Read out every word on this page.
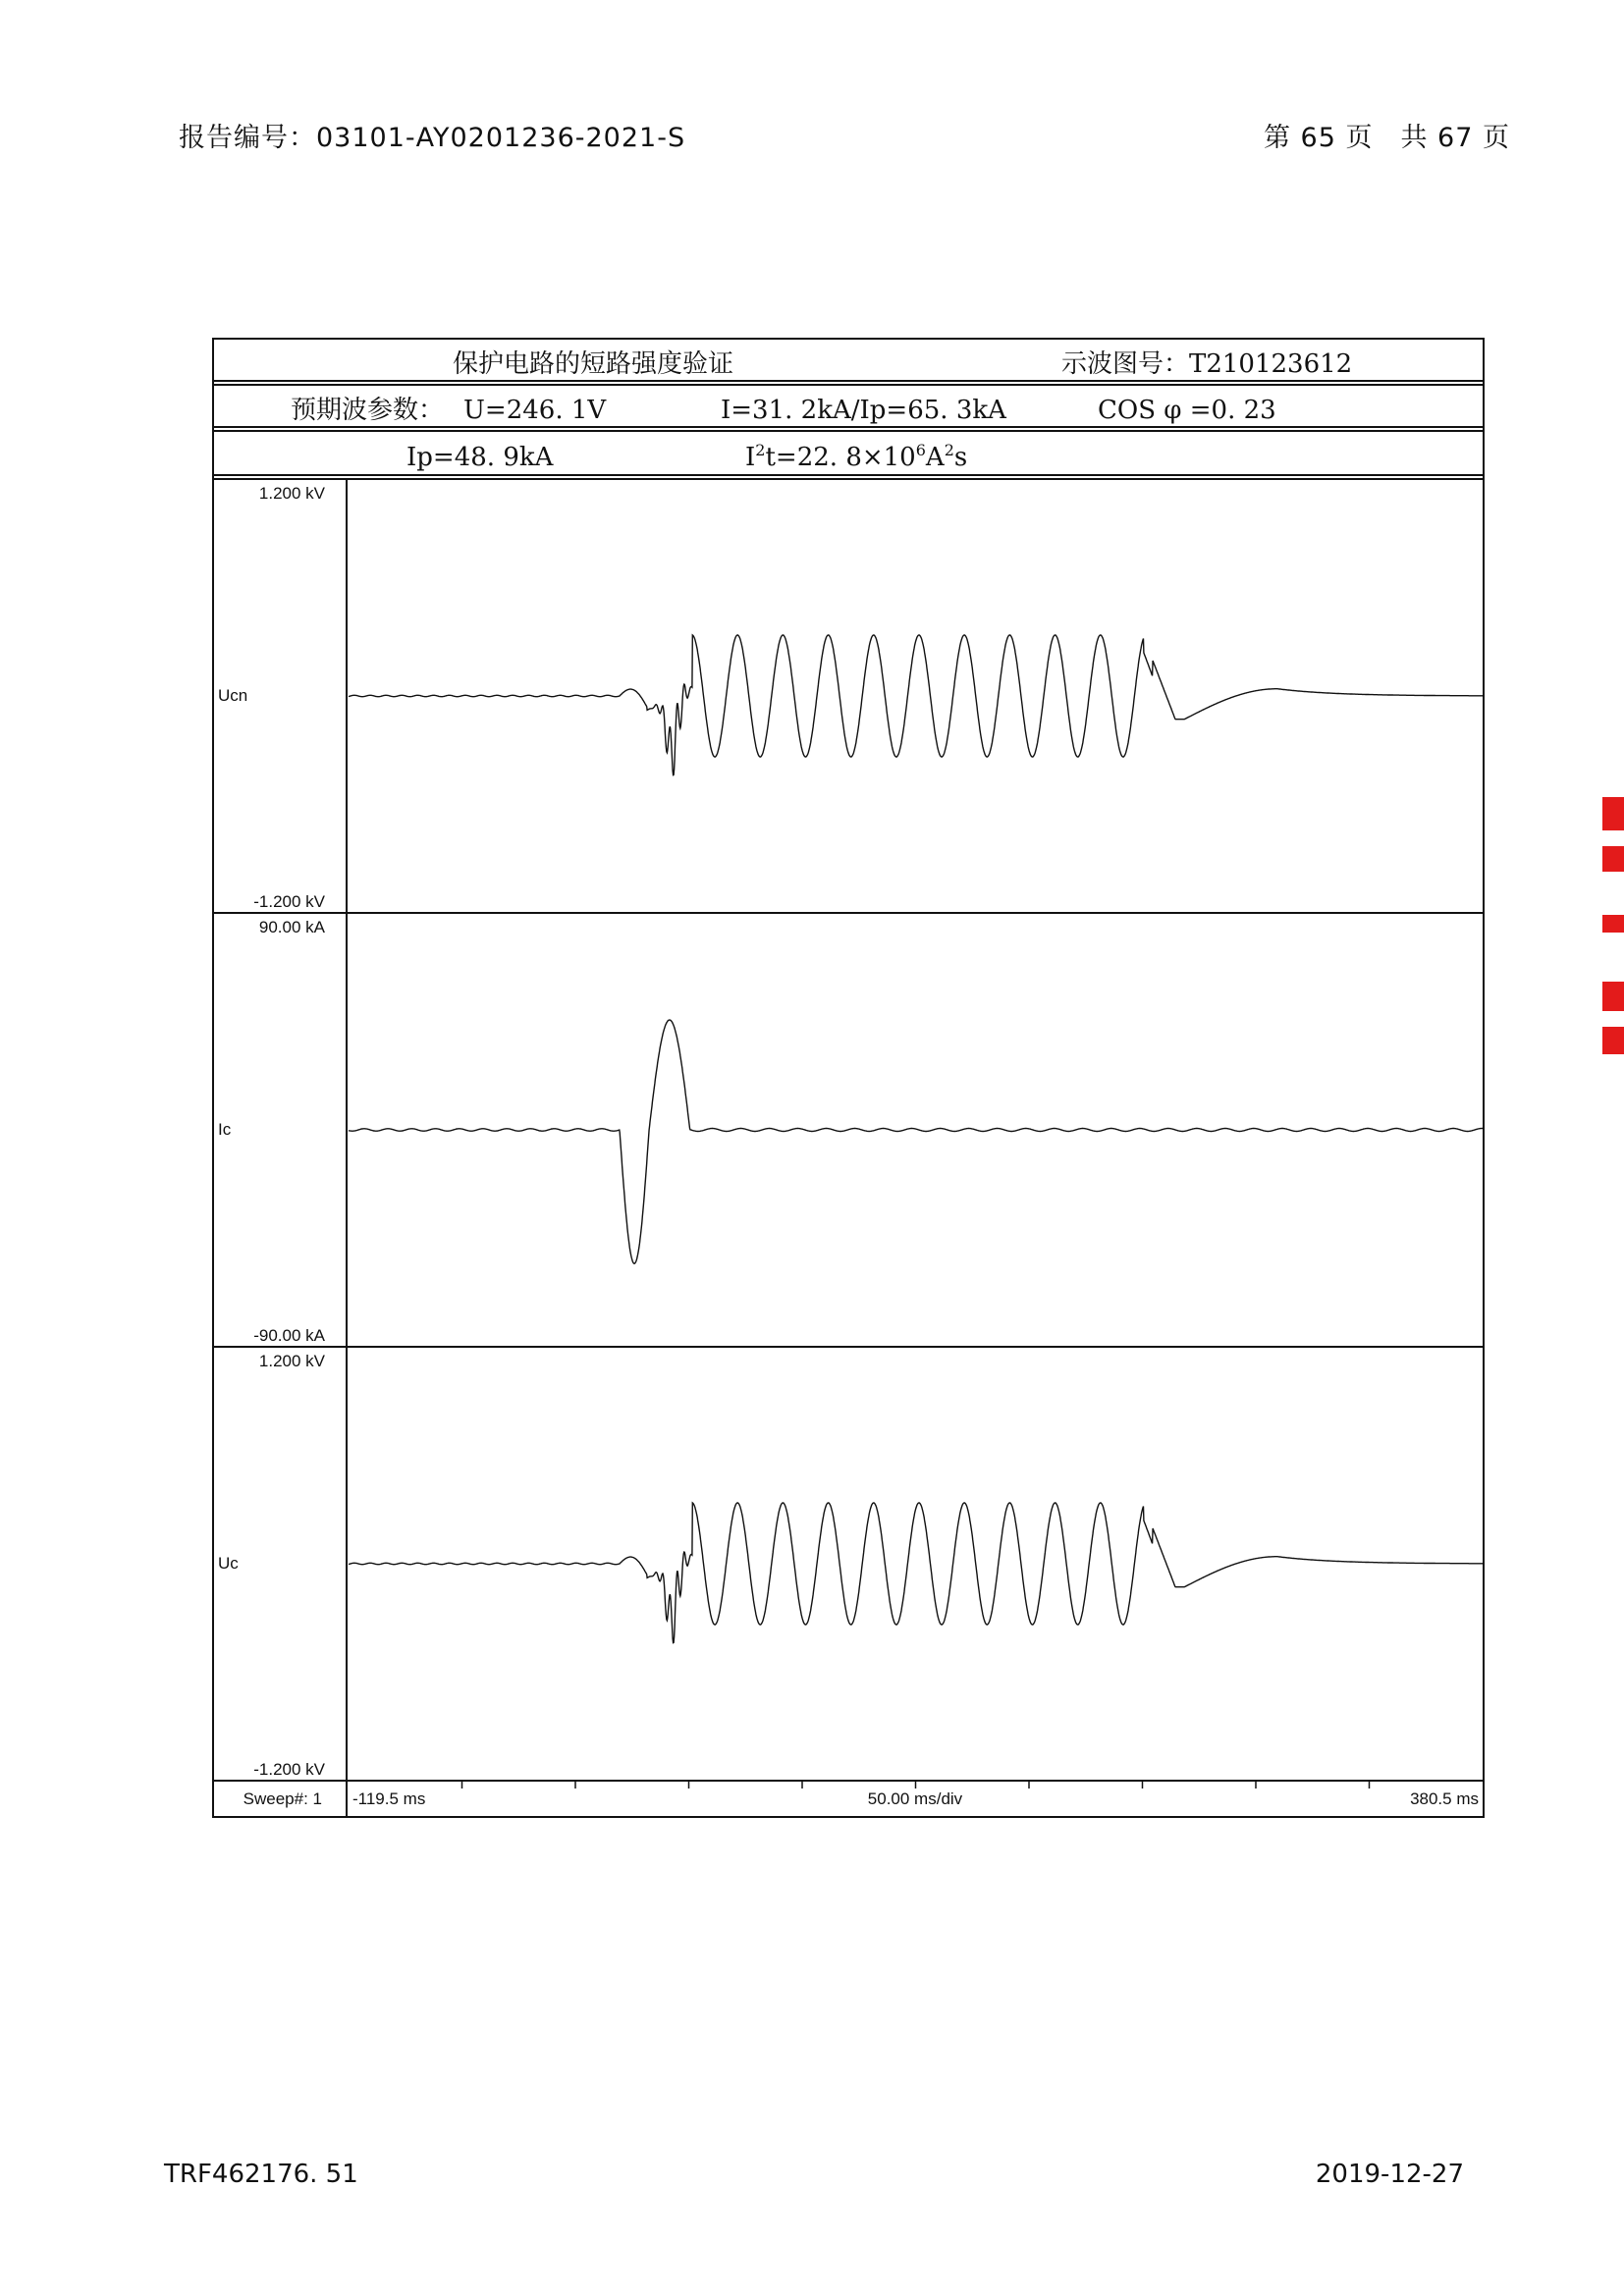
报告编号：03101-AY0201236-2021-S	第 65 页　共 67 页
保护电路的短路强度验证	示波图号：T210123612
预期波参数： U=246. 1V	I=31. 2kA/Ip=65. 3kA	COS φ =0. 23
Ip=48. 9kA	$I^2t=22$. $8\times 10^6A^2s$
1.200 kV
Ucn
-1.200 kV
90.00 kA
Ic
-90.00 kA
1.200 kV
Uc
-1.200 kV
Sweep#: 1 -119.5 ms	50.00 ms/div	380.5 ms
TRF462176. 51	2019-12-27
